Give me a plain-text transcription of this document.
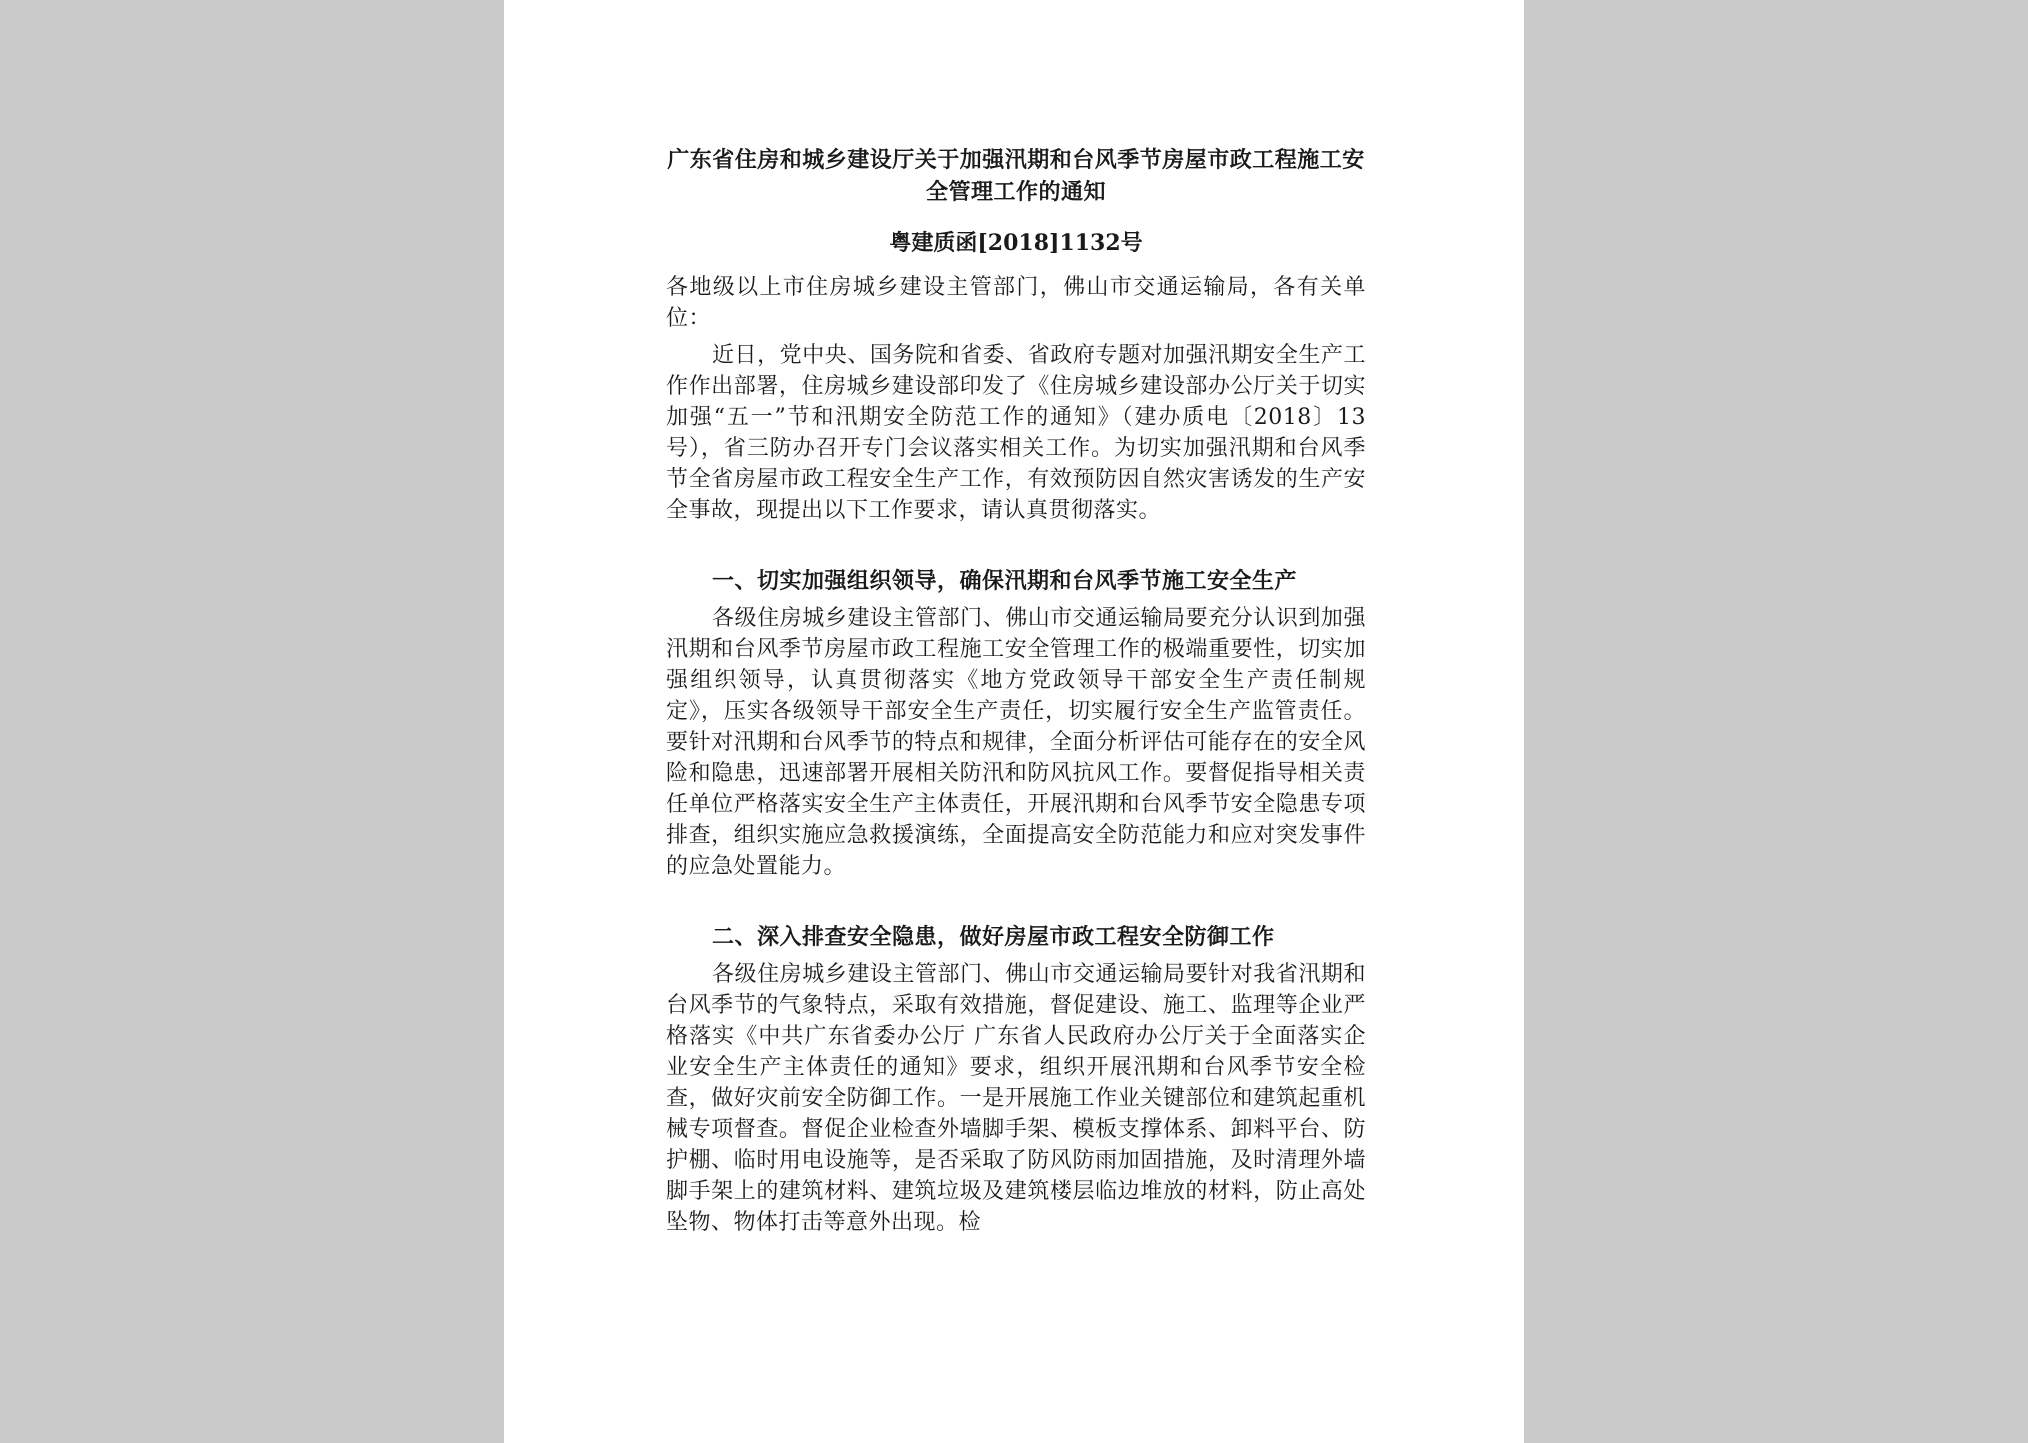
广东省住房和城乡建设厅关于加强汛期和台风季节房屋市政工程施工安全管理工作的通知
粤建质函[2018]1132号

各地级以上市住房城乡建设主管部门，佛山市交通运输局，各有关单位：

近日，党中央、国务院和省委、省政府专题对加强汛期安全生产工作作出部署，住房城乡建设部印发了《住房城乡建设部办公厅关于切实加强“五一”节和汛期安全防范工作的通知》（建办质电〔2018〕13号），省三防办召开专门会议落实相关工作。为切实加强汛期和台风季节全省房屋市政工程安全生产工作，有效预防因自然灾害诱发的生产安全事故，现提出以下工作要求，请认真贯彻落实。

一、切实加强组织领导，确保汛期和台风季节施工安全生产

各级住房城乡建设主管部门、佛山市交通运输局要充分认识到加强汛期和台风季节房屋市政工程施工安全管理工作的极端重要性，切实加强组织领导，认真贯彻落实《地方党政领导干部安全生产责任制规定》，压实各级领导干部安全生产责任，切实履行安全生产监管责任。要针对汛期和台风季节的特点和规律，全面分析评估可能存在的安全风险和隐患，迅速部署开展相关防汛和防风抗风工作。要督促指导相关责任单位严格落实安全生产主体责任，开展汛期和台风季节安全隐患专项排查，组织实施应急救援演练，全面提高安全防范能力和应对突发事件的应急处置能力。

二、深入排查安全隐患，做好房屋市政工程安全防御工作

各级住房城乡建设主管部门、佛山市交通运输局要针对我省汛期和台风季节的气象特点，采取有效措施，督促建设、施工、监理等企业严格落实《中共广东省委办公厅 广东省人民政府办公厅关于全面落实企业安全生产主体责任的通知》要求，组织开展汛期和台风季节安全检查，做好灾前安全防御工作。一是开展施工作业关键部位和建筑起重机械专项督查。督促企业检查外墙脚手架、模板支撑体系、卸料平台、防护棚、临时用电设施等，是否采取了防风防雨加固措施，及时清理外墙脚手架上的建筑材料、建筑垃圾及建筑楼层临边堆放的材料，防止高处坠物、物体打击等意外出现。检
